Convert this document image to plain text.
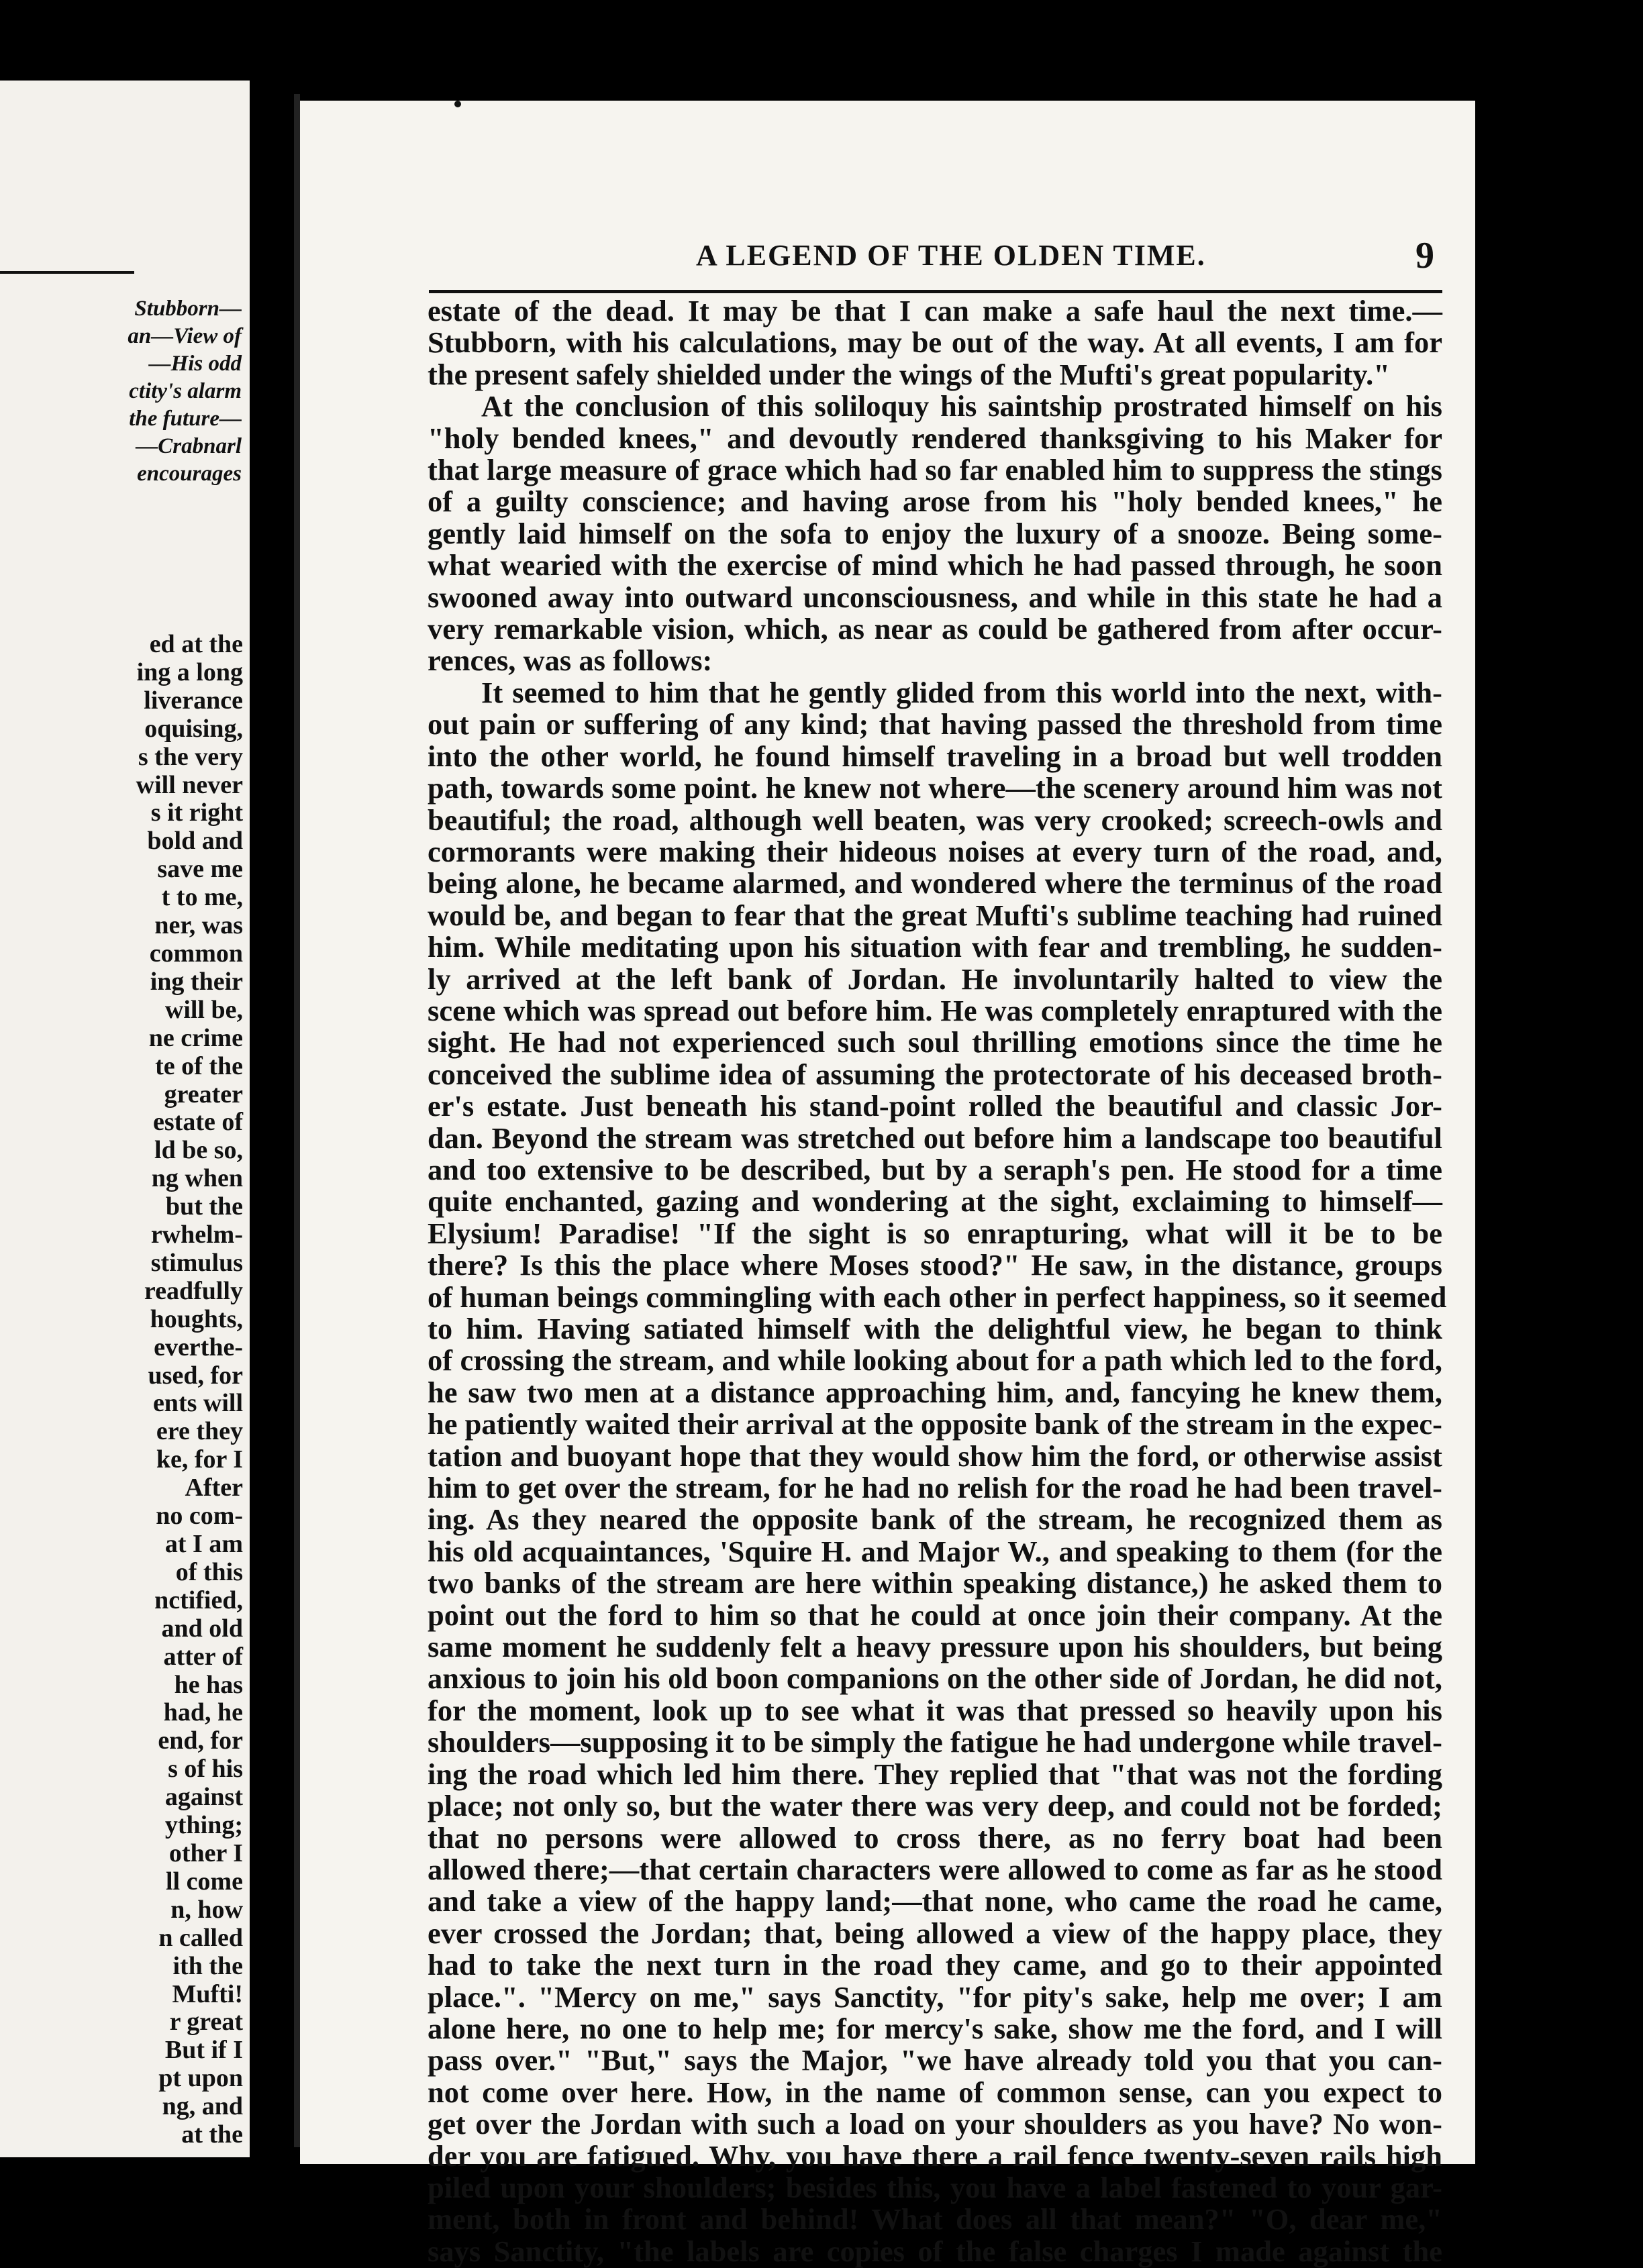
Stubborn—
an—View of
—His odd
ctity's alarm
the future—
—Crabnarl
encourages
ed at the
ing a long
liverance
oquising,
s the very
will never
s it right
bold and
save me
t to me,
ner, was
common
ing their
will be,
ne crime
te of the
greater
estate of
ld be so,
ng when
but the
rwhelm-
stimulus
readfully
houghts,
everthe-
used, for
ents will
ere they
ke, for I
After
no com-
at I am
of this
nctified,
and old
atter of
he has
had, he
end, for
s of his
against
ything;
other I
ll come
n, how
n called
ith the
Mufti!
r great
But if I
pt upon
ng, and
at the
A LEGEND OF THE OLDEN TIME.	9
estate of the dead. It may be that I can make a safe haul the next time.—
Stubborn, with his calculations, may be out of the way. At all events, I am for
the present safely shielded under the wings of the Mufti's great popularity."
At the conclusion of this soliloquy his saintship prostrated himself on his
"holy bended knees," and devoutly rendered thanksgiving to his Maker for
that large measure of grace which had so far enabled him to suppress the stings
of a guilty conscience; and having arose from his "holy bended knees," he
gently laid himself on the sofa to enjoy the luxury of a snooze. Being some-
what wearied with the exercise of mind which he had passed through, he soon
swooned away into outward unconsciousness, and while in this state he had a
very remarkable vision, which, as near as could be gathered from after occur-
rences, was as follows:
It seemed to him that he gently glided from this world into the next, with-
out pain or suffering of any kind; that having passed the threshold from time
into the other world, he found himself traveling in a broad but well trodden
path, towards some point. he knew not where—the scenery around him was not
beautiful; the road, although well beaten, was very crooked; screech-owls and
cormorants were making their hideous noises at every turn of the road, and,
being alone, he became alarmed, and wondered where the terminus of the road
would be, and began to fear that the great Mufti's sublime teaching had ruined
him. While meditating upon his situation with fear and trembling, he sudden-
ly arrived at the left bank of Jordan. He involuntarily halted to view the
scene which was spread out before him. He was completely enraptured with the
sight. He had not experienced such soul thrilling emotions since the time he
conceived the sublime idea of assuming the protectorate of his deceased broth-
er's estate. Just beneath his stand-point rolled the beautiful and classic Jor-
dan. Beyond the stream was stretched out before him a landscape too beautiful
and too extensive to be described, but by a seraph's pen. He stood for a time
quite enchanted, gazing and wondering at the sight, exclaiming to himself—
Elysium! Paradise! "If the sight is so enrapturing, what will it be to be
there? Is this the place where Moses stood?" He saw, in the distance, groups
of human beings commingling with each other in perfect happiness, so it seemed
to him. Having satiated himself with the delightful view, he began to think
of crossing the stream, and while looking about for a path which led to the ford,
he saw two men at a distance approaching him, and, fancying he knew them,
he patiently waited their arrival at the opposite bank of the stream in the expec-
tation and buoyant hope that they would show him the ford, or otherwise assist
him to get over the stream, for he had no relish for the road he had been travel-
ing. As they neared the opposite bank of the stream, he recognized them as
his old acquaintances, 'Squire H. and Major W., and speaking to them (for the
two banks of the stream are here within speaking distance,) he asked them to
point out the ford to him so that he could at once join their company. At the
same moment he suddenly felt a heavy pressure upon his shoulders, but being
anxious to join his old boon companions on the other side of Jordan, he did not,
for the moment, look up to see what it was that pressed so heavily upon his
shoulders—supposing it to be simply the fatigue he had undergone while travel-
ing the road which led him there. They replied that "that was not the fording
place; not only so, but the water there was very deep, and could not be forded;
that no persons were allowed to cross there, as no ferry boat had been
allowed there;—that certain characters were allowed to come as far as he stood
and take a view of the happy land;—that none, who came the road he came,
ever crossed the Jordan; that, being allowed a view of the happy place, they
had to take the next turn in the road they came, and go to their appointed
place.". "Mercy on me," says Sanctity, "for pity's sake, help me over; I am
alone here, no one to help me; for mercy's sake, show me the ford, and I will
pass over." "But," says the Major, "we have already told you that you can-
not come over here. How, in the name of common sense, can you expect to
get over the Jordan with such a load on your shoulders as you have? No won-
der you are fatigued. Why, you have there a rail fence twenty-seven rails high
piled upon your shoulders; besides this, you have a label fastened to your gar-
ment, both in front and behind! What does all that mean?" "O, dear me,"
says Sanctity, "the labels are copies of the false charges I made against the
